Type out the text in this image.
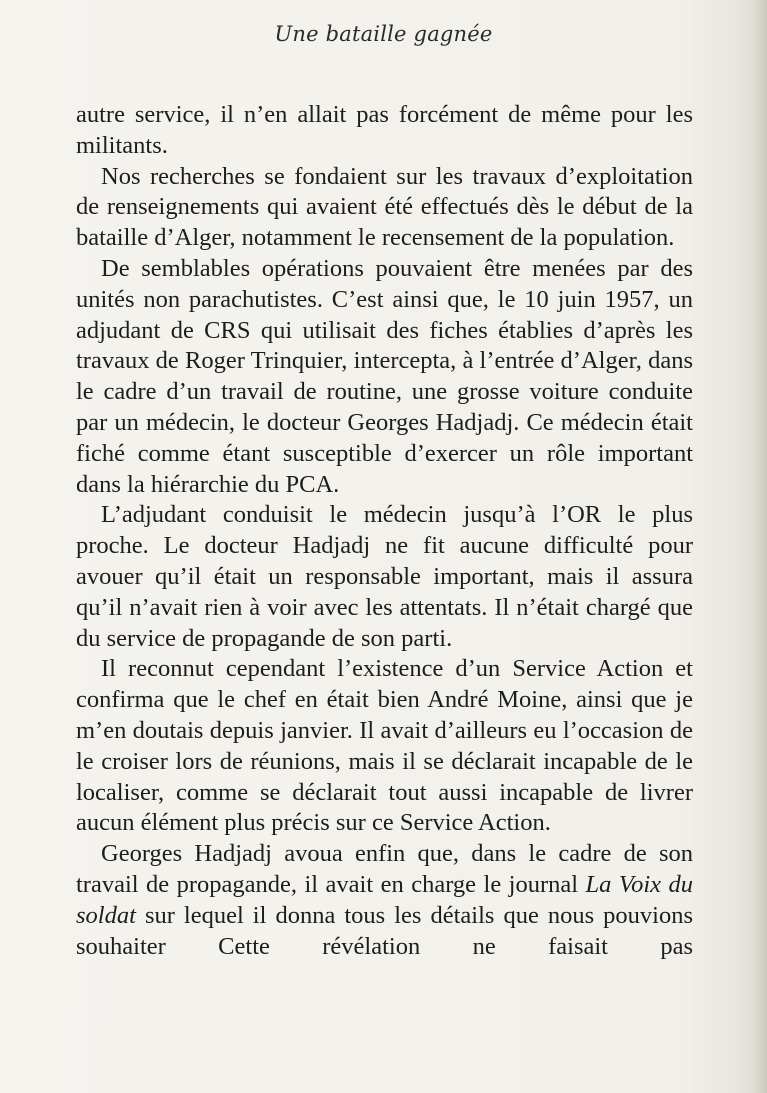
Une bataille gagnée

autre service, il n’en allait pas forcément de même pour les militants.

Nos recherches se fondaient sur les travaux d’exploitation de renseignements qui avaient été effectués dès le début de la bataille d’Alger, notamment le recensement de la population.

De semblables opérations pouvaient être menées par des unités non parachutistes. C’est ainsi que, le 10 juin 1957, un adjudant de CRS qui utilisait des fiches établies d’après les travaux de Roger Trinquier, intercepta, à l’entrée d’Alger, dans le cadre d’un travail de routine, une grosse voiture conduite par un médecin, le docteur Georges Hadjadj. Ce médecin était fiché comme étant susceptible d’exercer un rôle important dans la hiérarchie du PCA.

L’adjudant conduisit le médecin jusqu’à l’OR le plus proche. Le docteur Hadjadj ne fit aucune difficulté pour avouer qu’il était un responsable important, mais il assura qu’il n’avait rien à voir avec les attentats. Il n’était chargé que du service de propagande de son parti.

Il reconnut cependant l’existence d’un Service Action et confirma que le chef en était bien André Moine, ainsi que je m’en doutais depuis janvier. Il avait d’ailleurs eu l’occasion de le croiser lors de réunions, mais il se déclarait incapable de le localiser, comme se déclarait tout aussi incapable de livrer aucun élément plus précis sur ce Service Action.

Georges Hadjadj avoua enfin que, dans le cadre de son travail de propagande, il avait en charge le journal La Voix du soldat sur lequel il donna tous les détails que nous pouvions souhaiter Cette révélation ne faisait pas
